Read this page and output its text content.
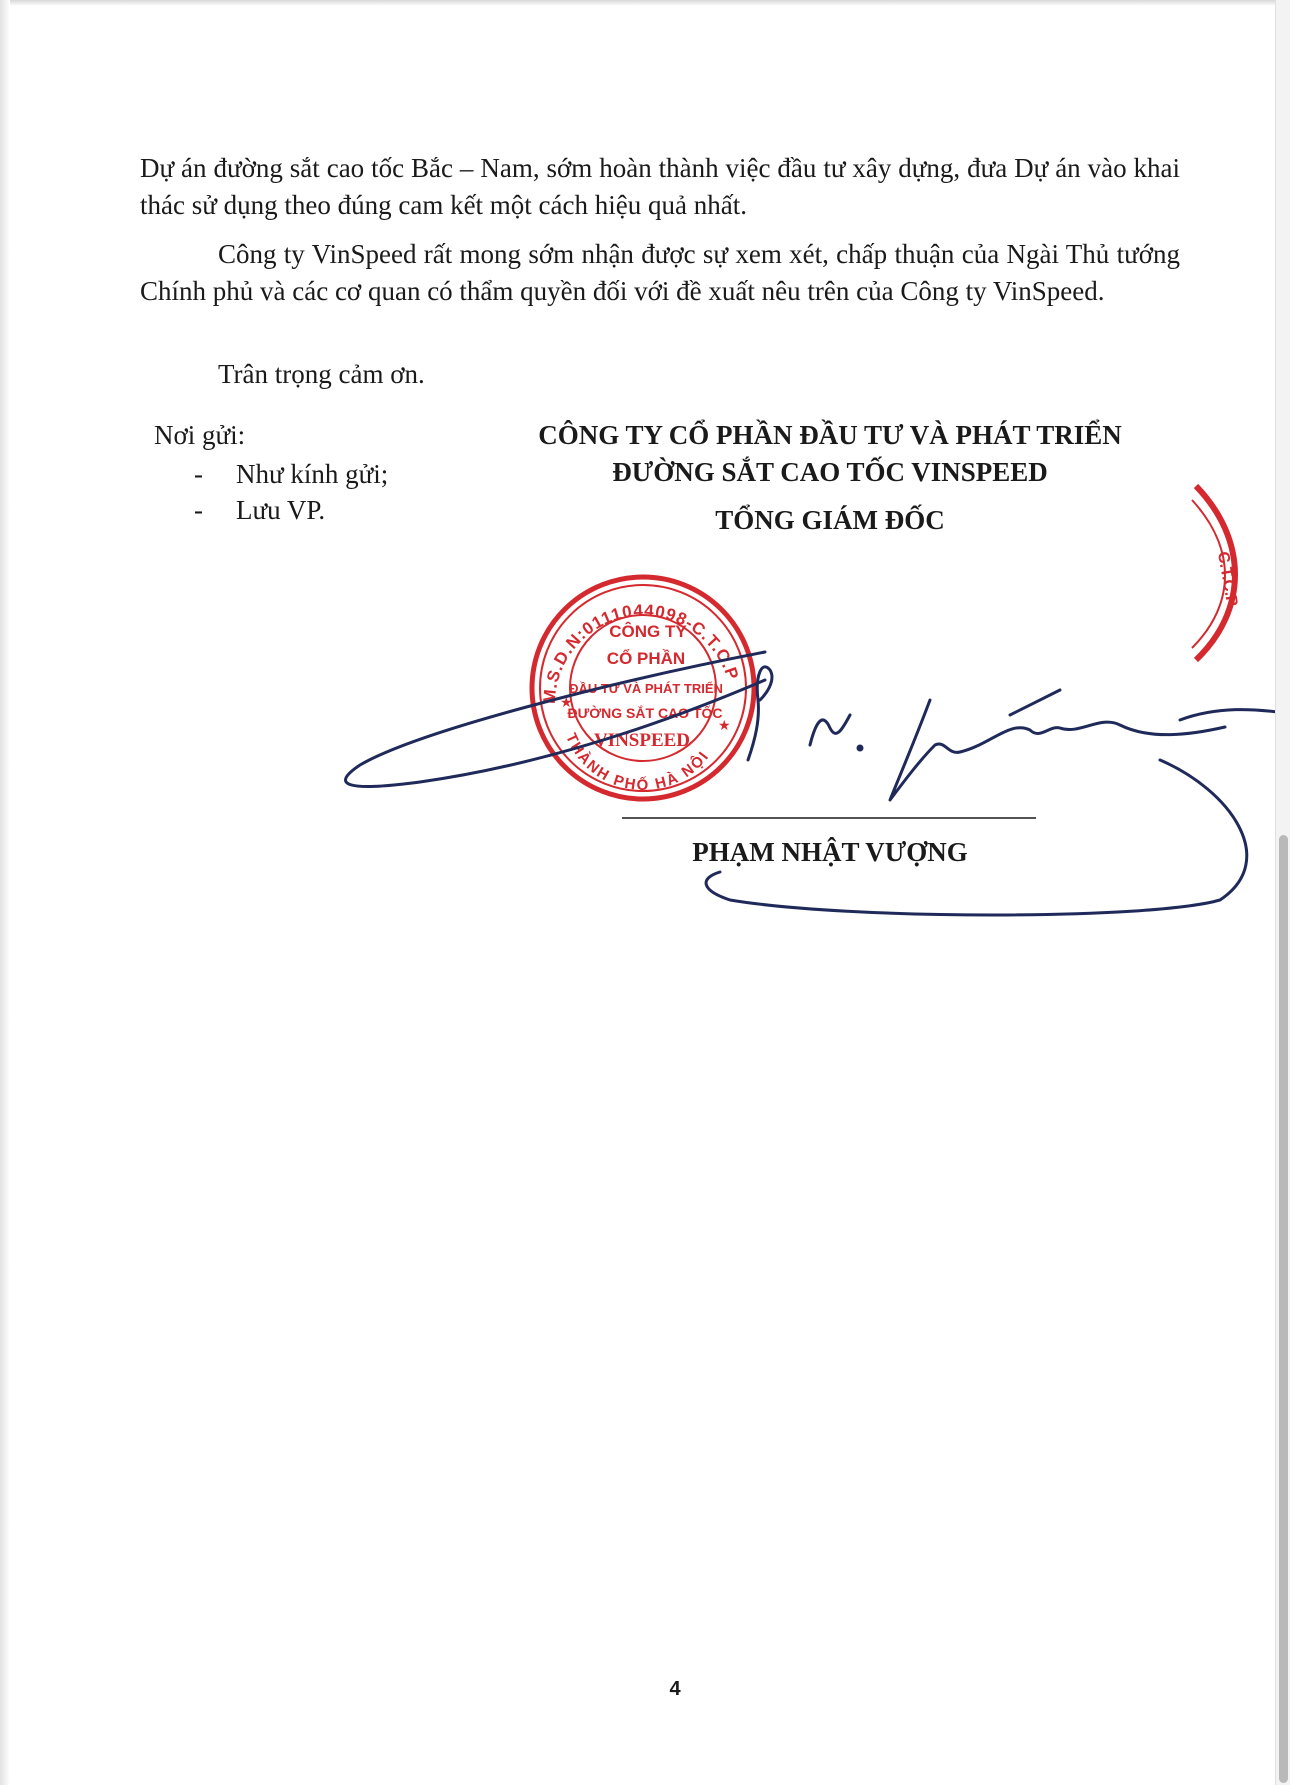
Dự án đường sắt cao tốc Bắc – Nam, sớm hoàn thành việc đầu tư xây dựng, đưa Dự án vào khai thác sử dụng theo đúng cam kết một cách hiệu quả nhất.

Công ty VinSpeed rất mong sớm nhận được sự xem xét, chấp thuận của Ngài Thủ tướng Chính phủ và các cơ quan có thẩm quyền đối với đề xuất nêu trên của Công ty VinSpeed.

Trân trọng cảm ơn.

Nơi gửi:

-	Như kính gửi;
-	Lưu VP.

CÔNG TY CỔ PHẦN ĐẦU TƯ VÀ PHÁT TRIỂN

ĐƯỜNG SẮT CAO TỐC VINSPEED

TỔNG GIÁM ĐỐC

C.T.C.P
M.S.D.N:0111044098-C.T.C.P
THÀNH PHỐ HÀ NỘI
★
★
CÔNG TY
CỔ PHẦN
ĐẦU TƯ VÀ PHÁT TRIỂN
ĐƯỜNG SẮT CAO TỐC
VINSPEED

PHẠM NHẬT VƯỢNG

4
